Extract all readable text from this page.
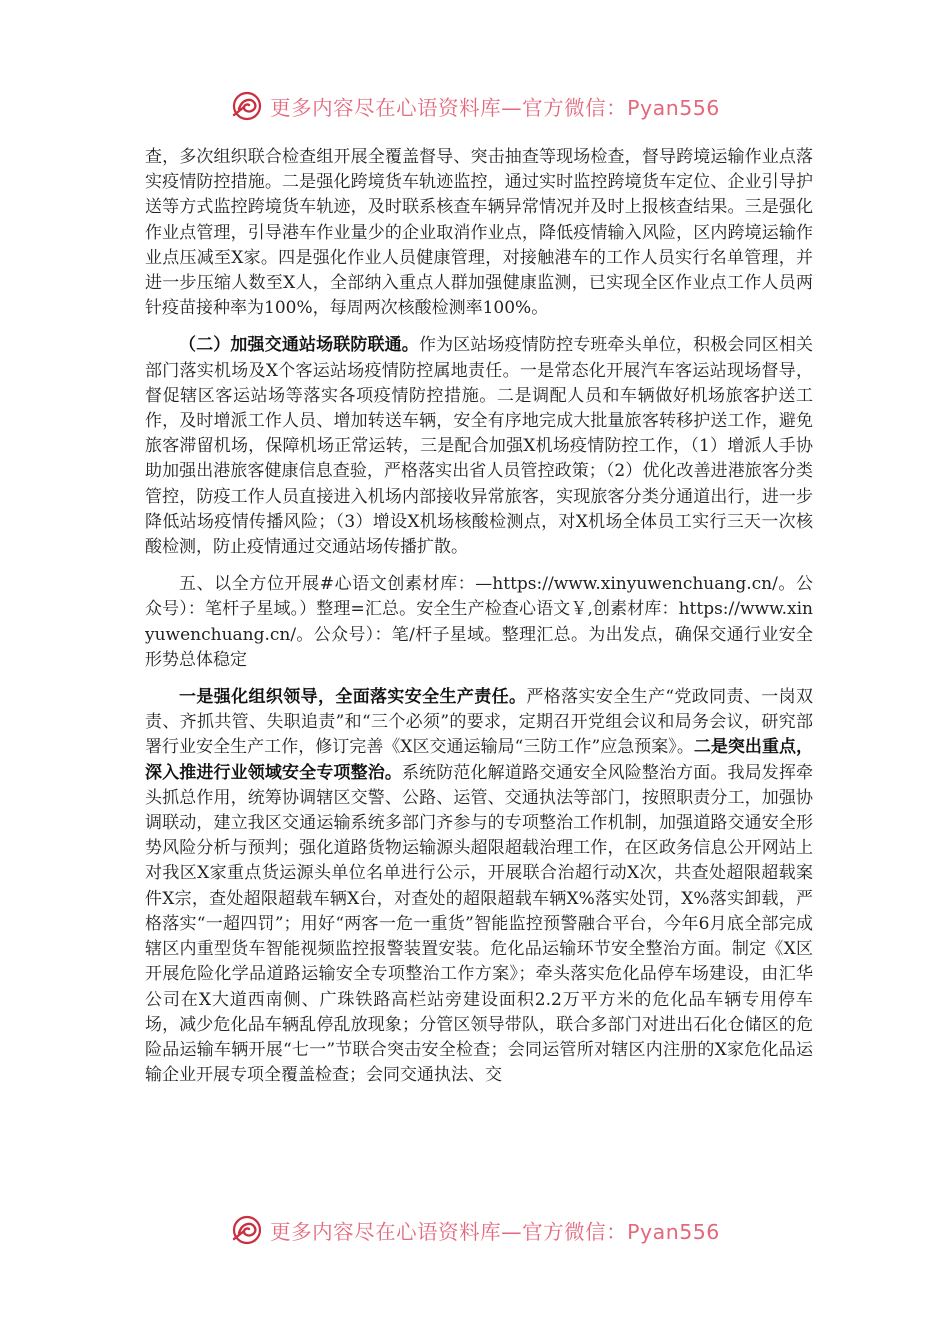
更多内容尽在心语资料库—官方微信：Pyan556

查，多次组织联合检查组开展全覆盖督导、突击抽查等现场检查，督导跨境运输作业点落实疫情防控措施。二是强化跨境货车轨迹监控，通过实时监控跨境货车定位、企业引导护送等方式监控跨境货车轨迹，及时联系核查车辆异常情况并及时上报核查结果。三是强化作业点管理，引导港车作业量少的企业取消作业点，降低疫情输入风险，区内跨境运输作业点压减至X家。四是强化作业人员健康管理，对接触港车的工作人员实行名单管理，并进一步压缩人数至X人，全部纳入重点人群加强健康监测，已实现全区作业点工作人员两针疫苗接种率为100%，每周两次核酸检测率100%。

（二）加强交通站场联防联通。作为区站场疫情防控专班牵头单位，积极会同区相关部门落实机场及X个客运站场疫情防控属地责任。一是常态化开展汽车客运站现场督导，督促辖区客运站场等落实各项疫情防控措施。二是调配人员和车辆做好机场旅客护送工作，及时增派工作人员、增加转送车辆，安全有序地完成大批量旅客转移护送工作，避免旅客滞留机场，保障机场正常运转，三是配合加强X机场疫情防控工作，（1）增派人手协助加强出港旅客健康信息查验，严格落实出省人员管控政策；（2）优化改善进港旅客分类管控，防疫工作人员直接进入机场内部接收异常旅客，实现旅客分类分通道出行，进一步降低站场疫情传播风险；（3）增设X机场核酸检测点，对X机场全体员工实行三天一次核酸检测，防止疫情通过交通站场传播扩散。

五、以全方位开展#心语文创素材库：—https://www.xinyuwenchuang.cn/。公众号）：笔杆子星域。）整理=汇总。安全生产检查心语文￥,创素材库：https://www.xinyuwenchuang.cn/。公众号）：笔/杆子星域。整理汇总。为出发点，确保交通行业安全形势总体稳定

一是强化组织领导，全面落实安全生产责任。严格落实安全生产“党政同责、一岗双责、齐抓共管、失职追责”和“三个必须”的要求，定期召开党组会议和局务会议，研究部署行业安全生产工作，修订完善《X区交通运输局“三防工作”应急预案》。二是突出重点，深入推进行业领域安全专项整治。系统防范化解道路交通安全风险整治方面。我局发挥牵头抓总作用，统筹协调辖区交警、公路、运管、交通执法等部门，按照职责分工，加强协调联动，建立我区交通运输系统多部门齐参与的专项整治工作机制，加强道路交通安全形势风险分析与预判；强化道路货物运输源头超限超载治理工作，在区政务信息公开网站上对我区X家重点货运源头单位名单进行公示，开展联合治超行动X次，共查处超限超载案件X宗，查处超限超载车辆X台，对查处的超限超载车辆X%落实处罚，X%落实卸载，严格落实“一超四罚”；用好“两客一危一重货”智能监控预警融合平台，今年6月底全部完成辖区内重型货车智能视频监控报警装置安装。危化品运输环节安全整治方面。制定《X区开展危险化学品道路运输安全专项整治工作方案》；牵头落实危化品停车场建设，由汇华公司在X大道西南侧、广珠铁路高栏站旁建设面积2.2万平方米的危化品车辆专用停车场，减少危化品车辆乱停乱放现象；分管区领导带队，联合多部门对进出石化仓储区的危险品运输车辆开展“七一”节联合突击安全检查；会同运管所对辖区内注册的X家危化品运输企业开展专项全覆盖检查；会同交通执法、交

更多内容尽在心语资料库—官方微信：Pyan556
